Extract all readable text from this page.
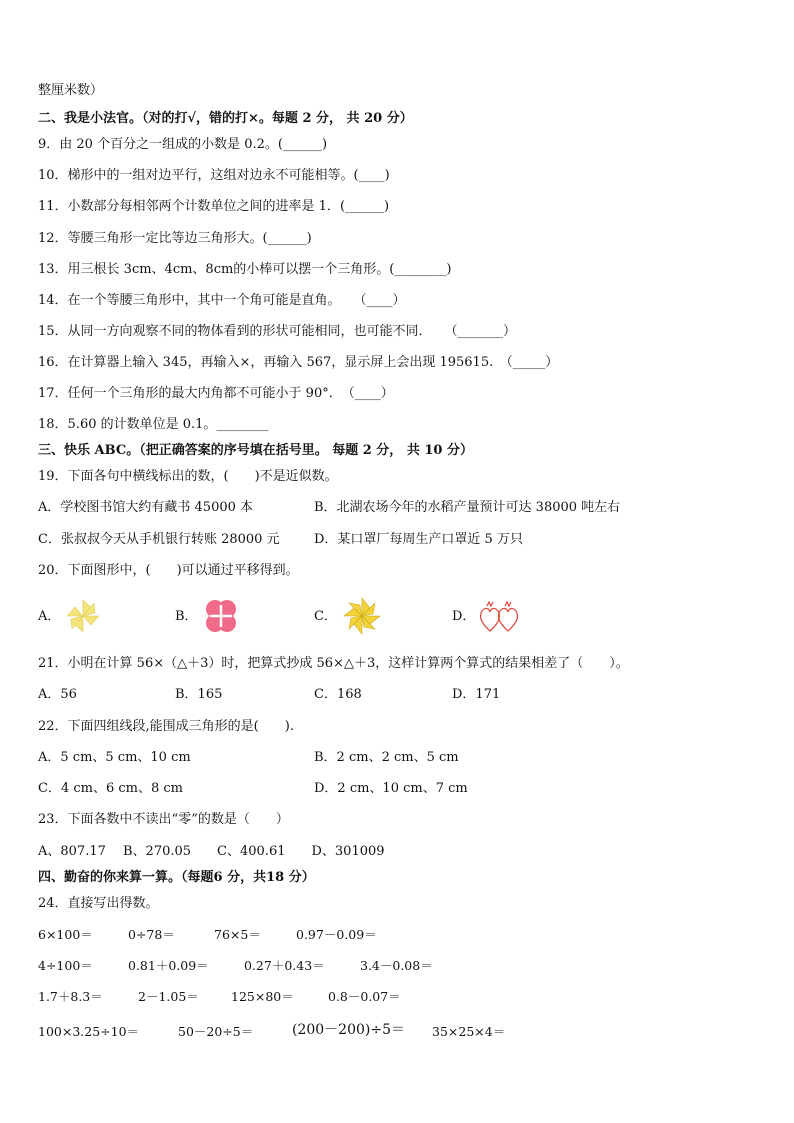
整厘米数）
二、我是小法官。（对的打√，错的打×。每题 2 分， 共 20 分）
9．由 20 个百分之一组成的小数是 0.2。(______)
10．梯形中的一组对边平行，这组对边永不可能相等。(____)
11．小数部分每相邻两个计数单位之间的进率是 1．(______)
12．等腰三角形一定比等边三角形大。(______)
13．用三根长 3cm、4cm、8cm的小棒可以摆一个三角形。(________)
14．在一个等腰三角形中，其中一个角可能是直角。　　（____）
15．从同一方向观察不同的物体看到的形状可能相同，也可能不同．　　（_______）
16．在计算器上输入 345，再输入×，再输入 567，显示屏上会出现 195615.　（_____）
17．任何一个三角形的最大内角都不可能小于 90°．　（____）
18．5.60 的计数单位是 0.1。________
三、快乐 ABC。（把正确答案的序号填在括号里。 每题 2 分， 共 10 分）
19．下面各句中横线标出的数，(　　)不是近似数。
A．学校图书馆大约有藏书 45000 本	B．北湖农场今年的水稻产量预计可达 38000 吨左右
C．张叔叔今天从手机银行转账 28000 元	D．某口罩厂每周生产口罩近 5 万只
20．下面图形中，(　　)可以通过平移得到。
A．	B．	C．	D．
21．小明在计算 56×（△＋3）时，把算式抄成 56×△＋3，这样计算两个算式的结果相差了（　　）。
A．56	B．165	C．168	D．171
22．下面四组线段,能围成三角形的是(　　).
A．5 cm、5 cm、10 cm	B．2 cm、2 cm、5 cm
C．4 cm、6 cm、8 cm	D．2 cm、10 cm、7 cm
23．下面各数中不读出“零”的数是（　　）
A、807.17　 B、270.05　　C、400.61　　D、301009
四、勤奋的你来算一算。（每题6 分，共18 分）
24．直接写出得数。
6×100＝	0÷78＝	76×5＝	0.97－0.09＝
4÷100＝	0.81＋0.09＝	0.27＋0.43＝	3.4－0.08＝
1.7＋8.3＝	2－1.05＝	125×80＝	0.8－0.07＝
100×3.25÷10＝	50－20÷5＝	(200－200)÷5＝ 35×25×4＝
